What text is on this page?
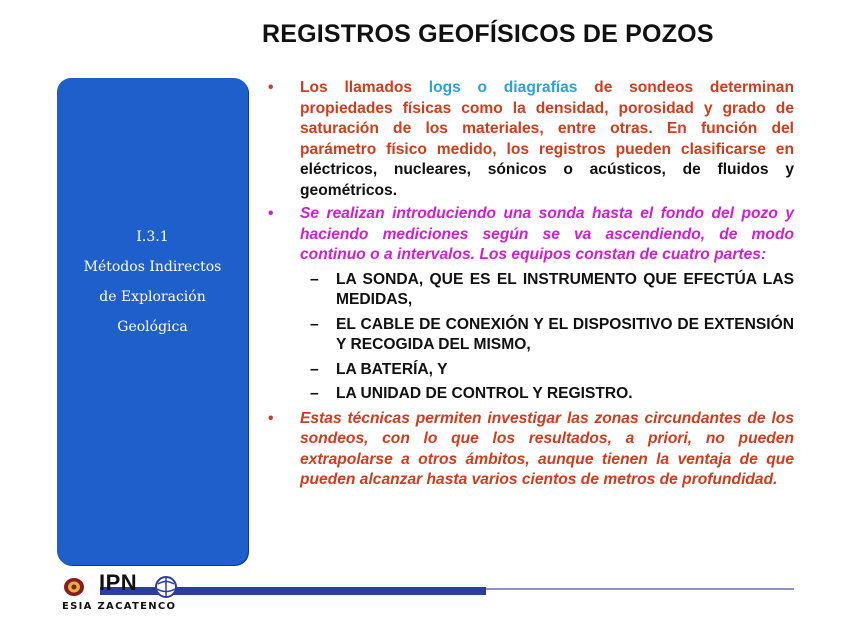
REGISTROS GEOFÍSICOS DE POZOS
I.3.1
Métodos Indirectos
de Exploración
Geológica
• Los llamados logs o diagrafías de sondeos determinan propiedades físicas como la densidad, porosidad y grado de saturación de los materiales, entre otras. En función del parámetro físico medido, los registros pueden clasificarse en eléctricos, nucleares, sónicos o acústicos, de fluidos y geométricos.
• Se realizan introduciendo una sonda hasta el fondo del pozo y haciendo mediciones según se va ascendiendo, de modo continuo o a intervalos. Los equipos constan de cuatro partes:
– LA SONDA, QUE ES EL INSTRUMENTO QUE EFECTÚA LAS MEDIDAS,
– EL CABLE DE CONEXIÓN Y EL DISPOSITIVO DE EXTENSIÓN Y RECOGIDA DEL MISMO,
– LA BATERÍA, Y
– LA UNIDAD DE CONTROL Y REGISTRO.
• Estas técnicas permiten investigar las zonas circundantes de los sondeos, con lo que los resultados, a priori, no pueden extrapolarse a otros ámbitos, aunque tienen la ventaja de que pueden alcanzar hasta varios cientos de metros de profundidad.
IPN
ESIA ZACATENCO
